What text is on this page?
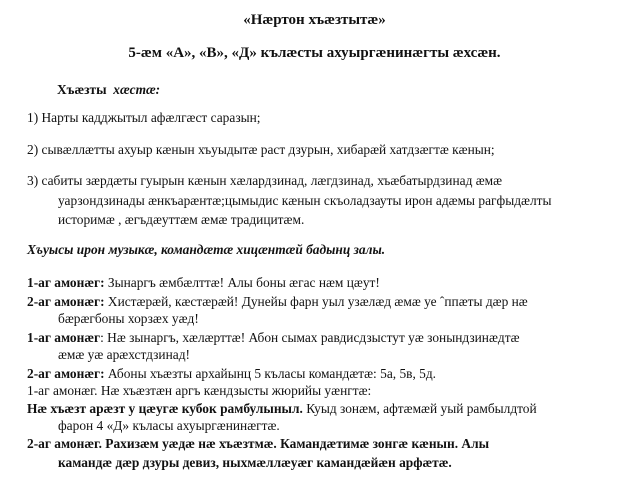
«Нæртон хъæзтытæ»
5-æм «А», «В», «Д» кълæсты ахуыргæнинæгты æхсæн.
Хъæзты хæстæ:
1) Нарты кадджытыл афæлгæст саразын;
2) сывæллæтты ахуыр кæнын хъуыдытæ раст дзурын, хибарæй хатдзæгтæ кæнын;
3) сабиты зæрдæты гуырын кæнын хæлардзинад, лæгдзинад, хъæбатырдзинад æмæ
уарзондзинады æнкъарæнтæ;цымыдис кæнын скъоладзауты ирон адæмы рагфыдæлты
историмæ , æгъдæуттæм æмæ традицитæм.
Хъуысы ирон музыкæ, командæтæ хицæнтæй бадынц залы.
1-аг амонæг: Зынаргъ æмбæлттæ! Алы боны æгас нæм цæут!
2-аг амонæг: Хистæрæй, кæстæрæй! Дунейы фарн уыл узæлæд æмæ уе ˆппæты дæр нæ
бæрæгбоны хорзæх уæд!
1-аг амонæг: Нæ зынаргъ, хæлæрттæ! Абон сымах равдисдзыстут уæ зонындзинæдтæ
æмæ уæ арæхстдзинад!
2-аг амонæг: Абоны хъæзты архайынц 5 къласы командæтæ: 5а, 5в, 5д.
1-аг амонæг. Нæ хъæзтæн аргъ кæндзысты жюрийы уæнгтæ:
Нæ хъæзт арæзт у цæугæ кубок рамбулыныл. Куыд зонæм, афтæмæй уый рамбылдтой
фарон 4 «Д» къласы ахуыргæнинæгтæ.
2-аг амонæг. Рахизæм уæдæ нæ хъæзтмæ. Камандæтимæ зонгæ кæнын. Алы
камандæ дæр дзуры девиз, ныхмæллæуæг камандæйæн арфæтæ.
